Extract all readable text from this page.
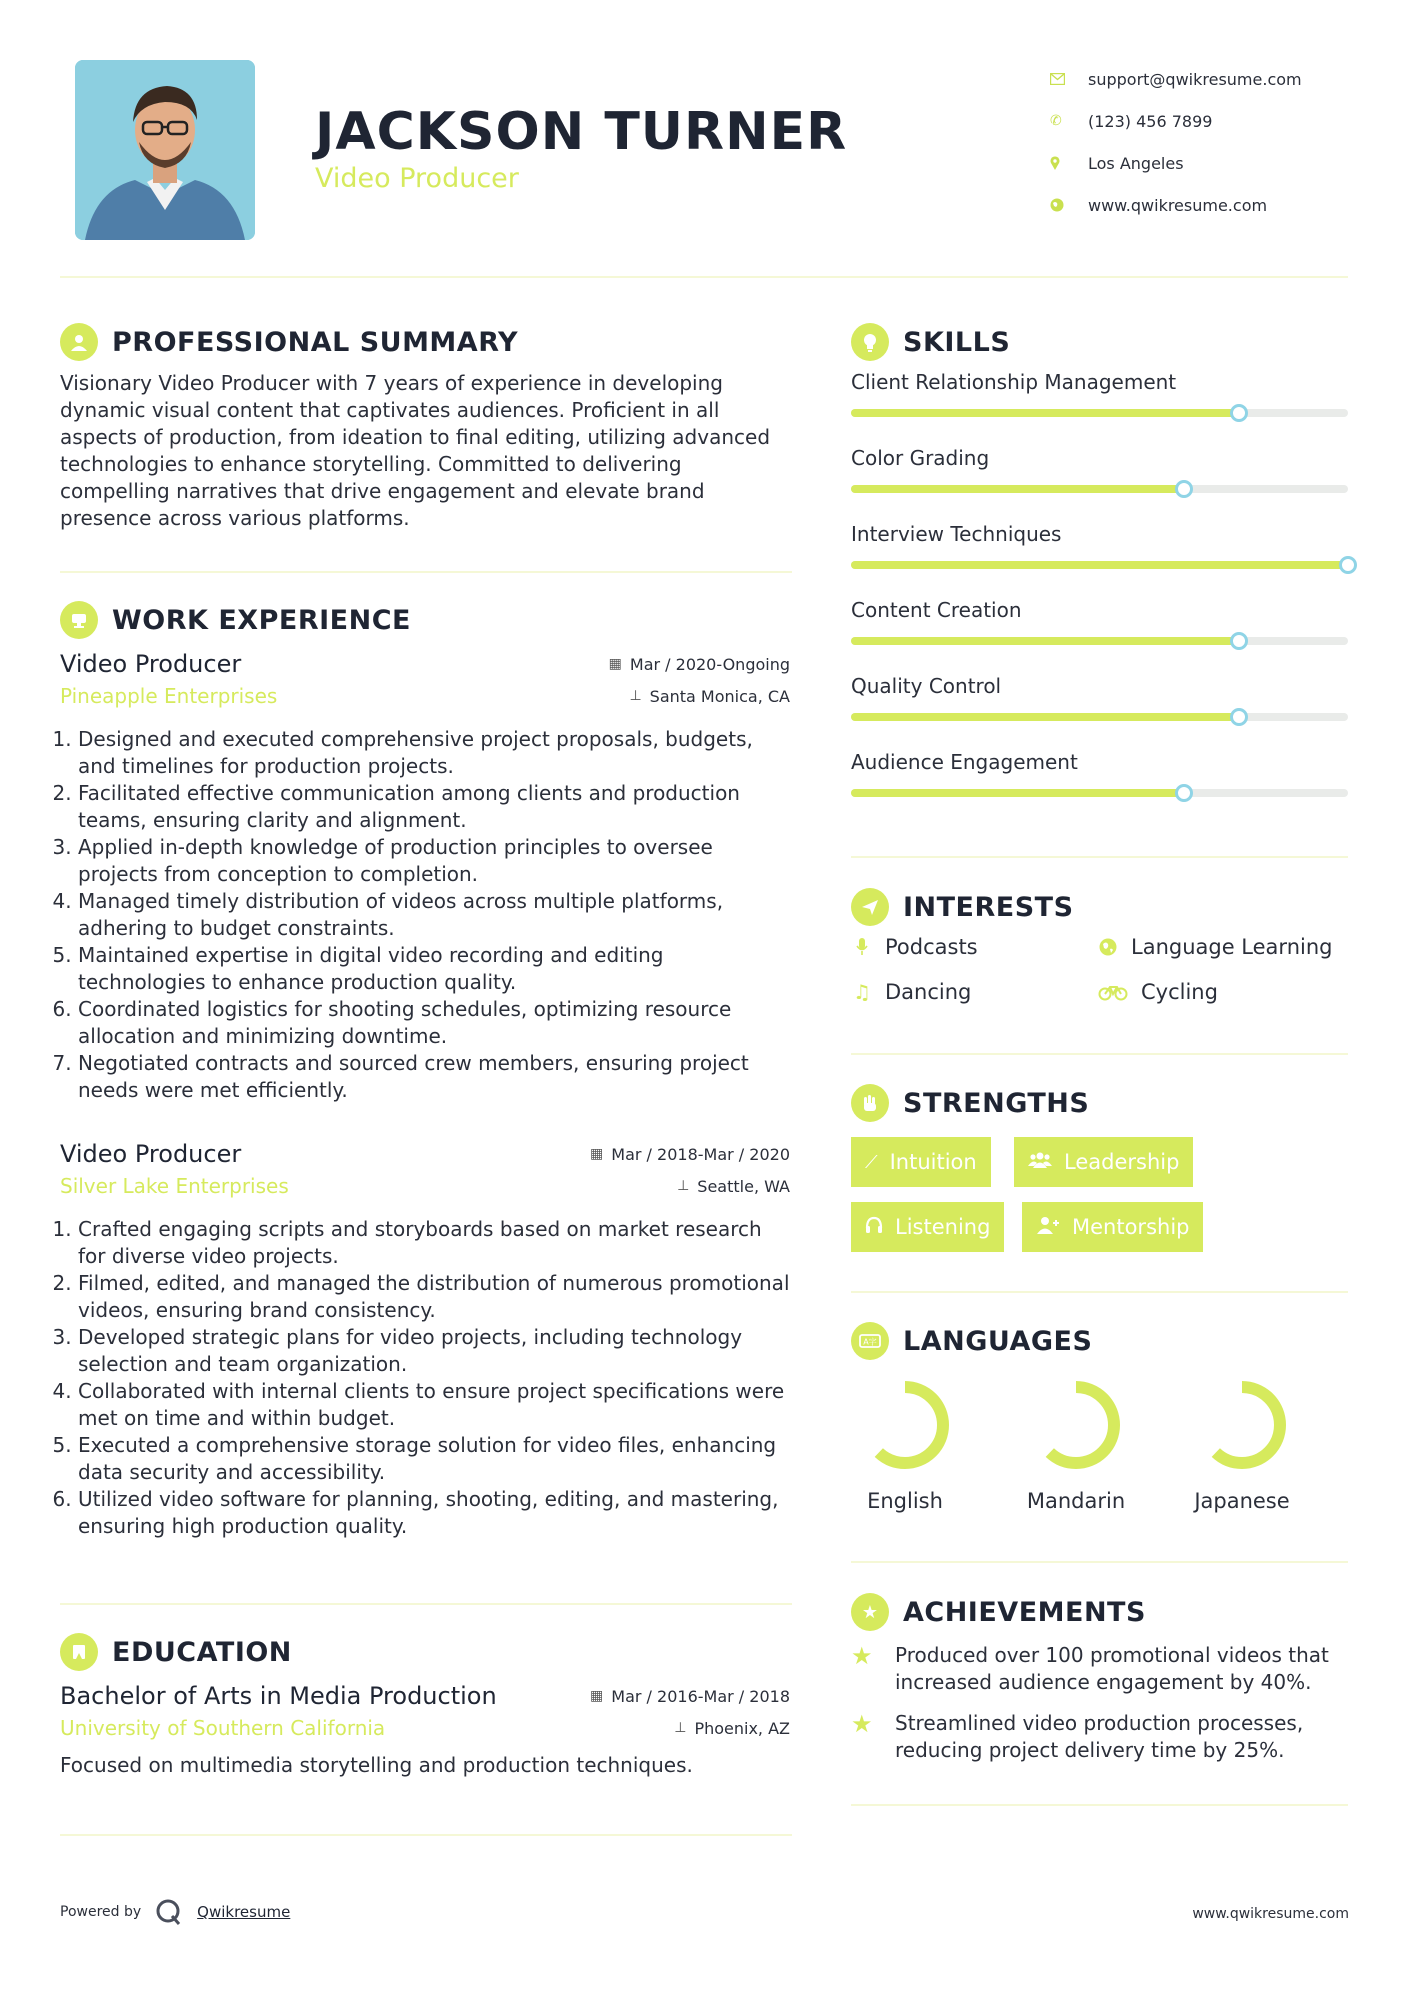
JACKSON TURNER
Video Producer
support@qwikresume.com
✆	(123) 456 7899
Los Angeles
www.qwikresume.com
PROFESSIONAL SUMMARY
Visionary Video Producer with 7 years of experience in developing dynamic visual content that captivates audiences. Proficient in all aspects of production, from ideation to final editing, utilizing advanced technologies to enhance storytelling. Committed to delivering compelling narratives that drive engagement and elevate brand presence across various platforms.
WORK EXPERIENCE
Video Producer	▦ Mar / 2020-Ongoing
Pineapple Enterprises	⊥ Santa Monica, CA
1. Designed and executed comprehensive project proposals, budgets, and timelines for production projects.
2. Facilitated effective communication among clients and production teams, ensuring clarity and alignment.
3. Applied in-depth knowledge of production principles to oversee projects from conception to completion.
4. Managed timely distribution of videos across multiple platforms, adhering to budget constraints.
5. Maintained expertise in digital video recording and editing technologies to enhance production quality.
6. Coordinated logistics for shooting schedules, optimizing resource allocation and minimizing downtime.
7. Negotiated contracts and sourced crew members, ensuring project needs were met efficiently.
Video Producer	▦ Mar / 2018-Mar / 2020
Silver Lake Enterprises	⊥ Seattle, WA
1. Crafted engaging scripts and storyboards based on market research for diverse video projects.
2. Filmed, edited, and managed the distribution of numerous promotional videos, ensuring brand consistency.
3. Developed strategic plans for video projects, including technology selection and team organization.
4. Collaborated with internal clients to ensure project specifications were met on time and within budget.
5. Executed a comprehensive storage solution for video files, enhancing data security and accessibility.
6. Utilized video software for planning, shooting, editing, and mastering, ensuring high production quality.
EDUCATION
Bachelor of Arts in Media Production	▦ Mar / 2016-Mar / 2018
University of Southern California	⊥ Phoenix, AZ
Focused on multimedia storytelling and production techniques.
SKILLS
Client Relationship Management
Color Grading
Interview Techniques
Content Creation
Quality Control
Audience Engagement
INTERESTS
Podcasts	Language Learning
♫ Dancing	Cycling
STRENGTHS
⟋ Intuition	Leadership
Listening	Mentorship
A字 LANGUAGES
English	Mandarin	Japanese
★ ACHIEVEMENTS
★	Produced over 100 promotional videos that increased audience engagement by 40%.
★	Streamlined video production processes, reducing project delivery time by 25%.
Powered by	Qwikresume	www.qwikresume.com
